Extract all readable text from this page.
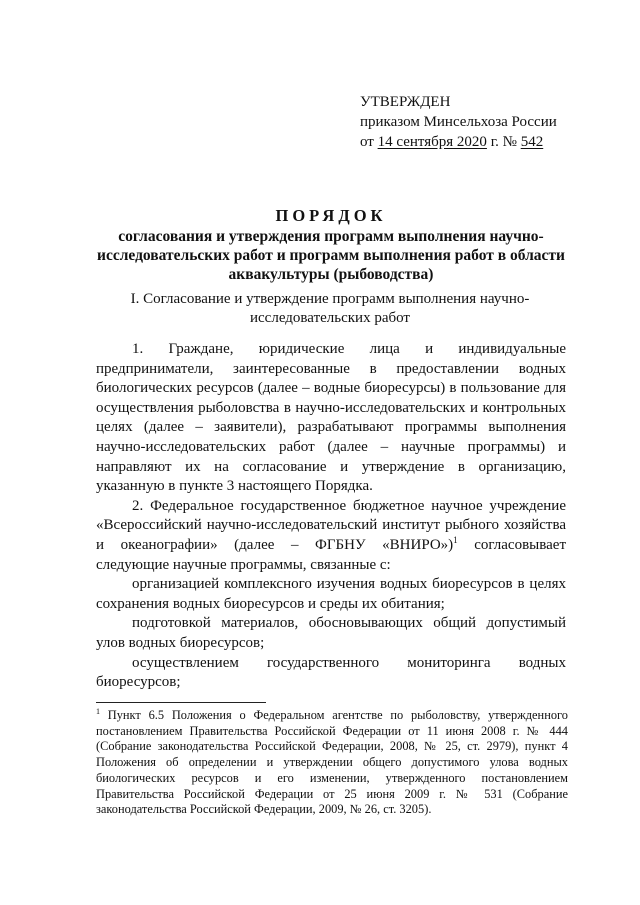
УТВЕРЖДЕН
приказом Минсельхоза России
от 14 сентября 2020 г. № 542
ПОРЯДОК
согласования и утверждения программ выполнения научно-исследовательских работ и программ выполнения работ в области аквакультуры (рыбоводства)
I. Согласование и утверждение программ выполнения научно-исследовательских работ

1. Граждане, юридические лица и индивидуальные предприниматели, заинтересованные в предоставлении водных биологических ресурсов (далее – водные биоресурсы) в пользование для осуществления рыболовства в научно-исследовательских и контрольных целях (далее – заявители), разрабатывают программы выполнения научно-исследовательских работ (далее – научные программы) и направляют их на согласование и утверждение в организацию, указанную в пункте 3 настоящего Порядка.

2. Федеральное государственное бюджетное научное учреждение «Всероссийский научно-исследовательский институт рыбного хозяйства и океанографии» (далее – ФГБНУ «ВНИРО»)$^1$ согласовывает следующие научные программы, связанные с:

организацией комплексного изучения водных биоресурсов в целях сохранения водных биоресурсов и среды их обитания;

подготовкой материалов, обосновывающих общий допустимый улов водных биоресурсов;

осуществлением государственного мониторинга водных биоресурсов;

$^1$ Пункт 6.5 Положения о Федеральном агентстве по рыболовству, утвержденного постановлением Правительства Российской Федерации от 11 июня 2008 г. № 444 (Собрание законодательства Российской Федерации, 2008, № 25, ст. 2979), пункт 4 Положения об определении и утверждении общего допустимого улова водных биологических ресурсов и его изменении, утвержденного постановлением Правительства Российской Федерации от 25 июня 2009 г. № 531 (Собрание законодательства Российской Федерации, 2009, № 26, ст. 3205).
